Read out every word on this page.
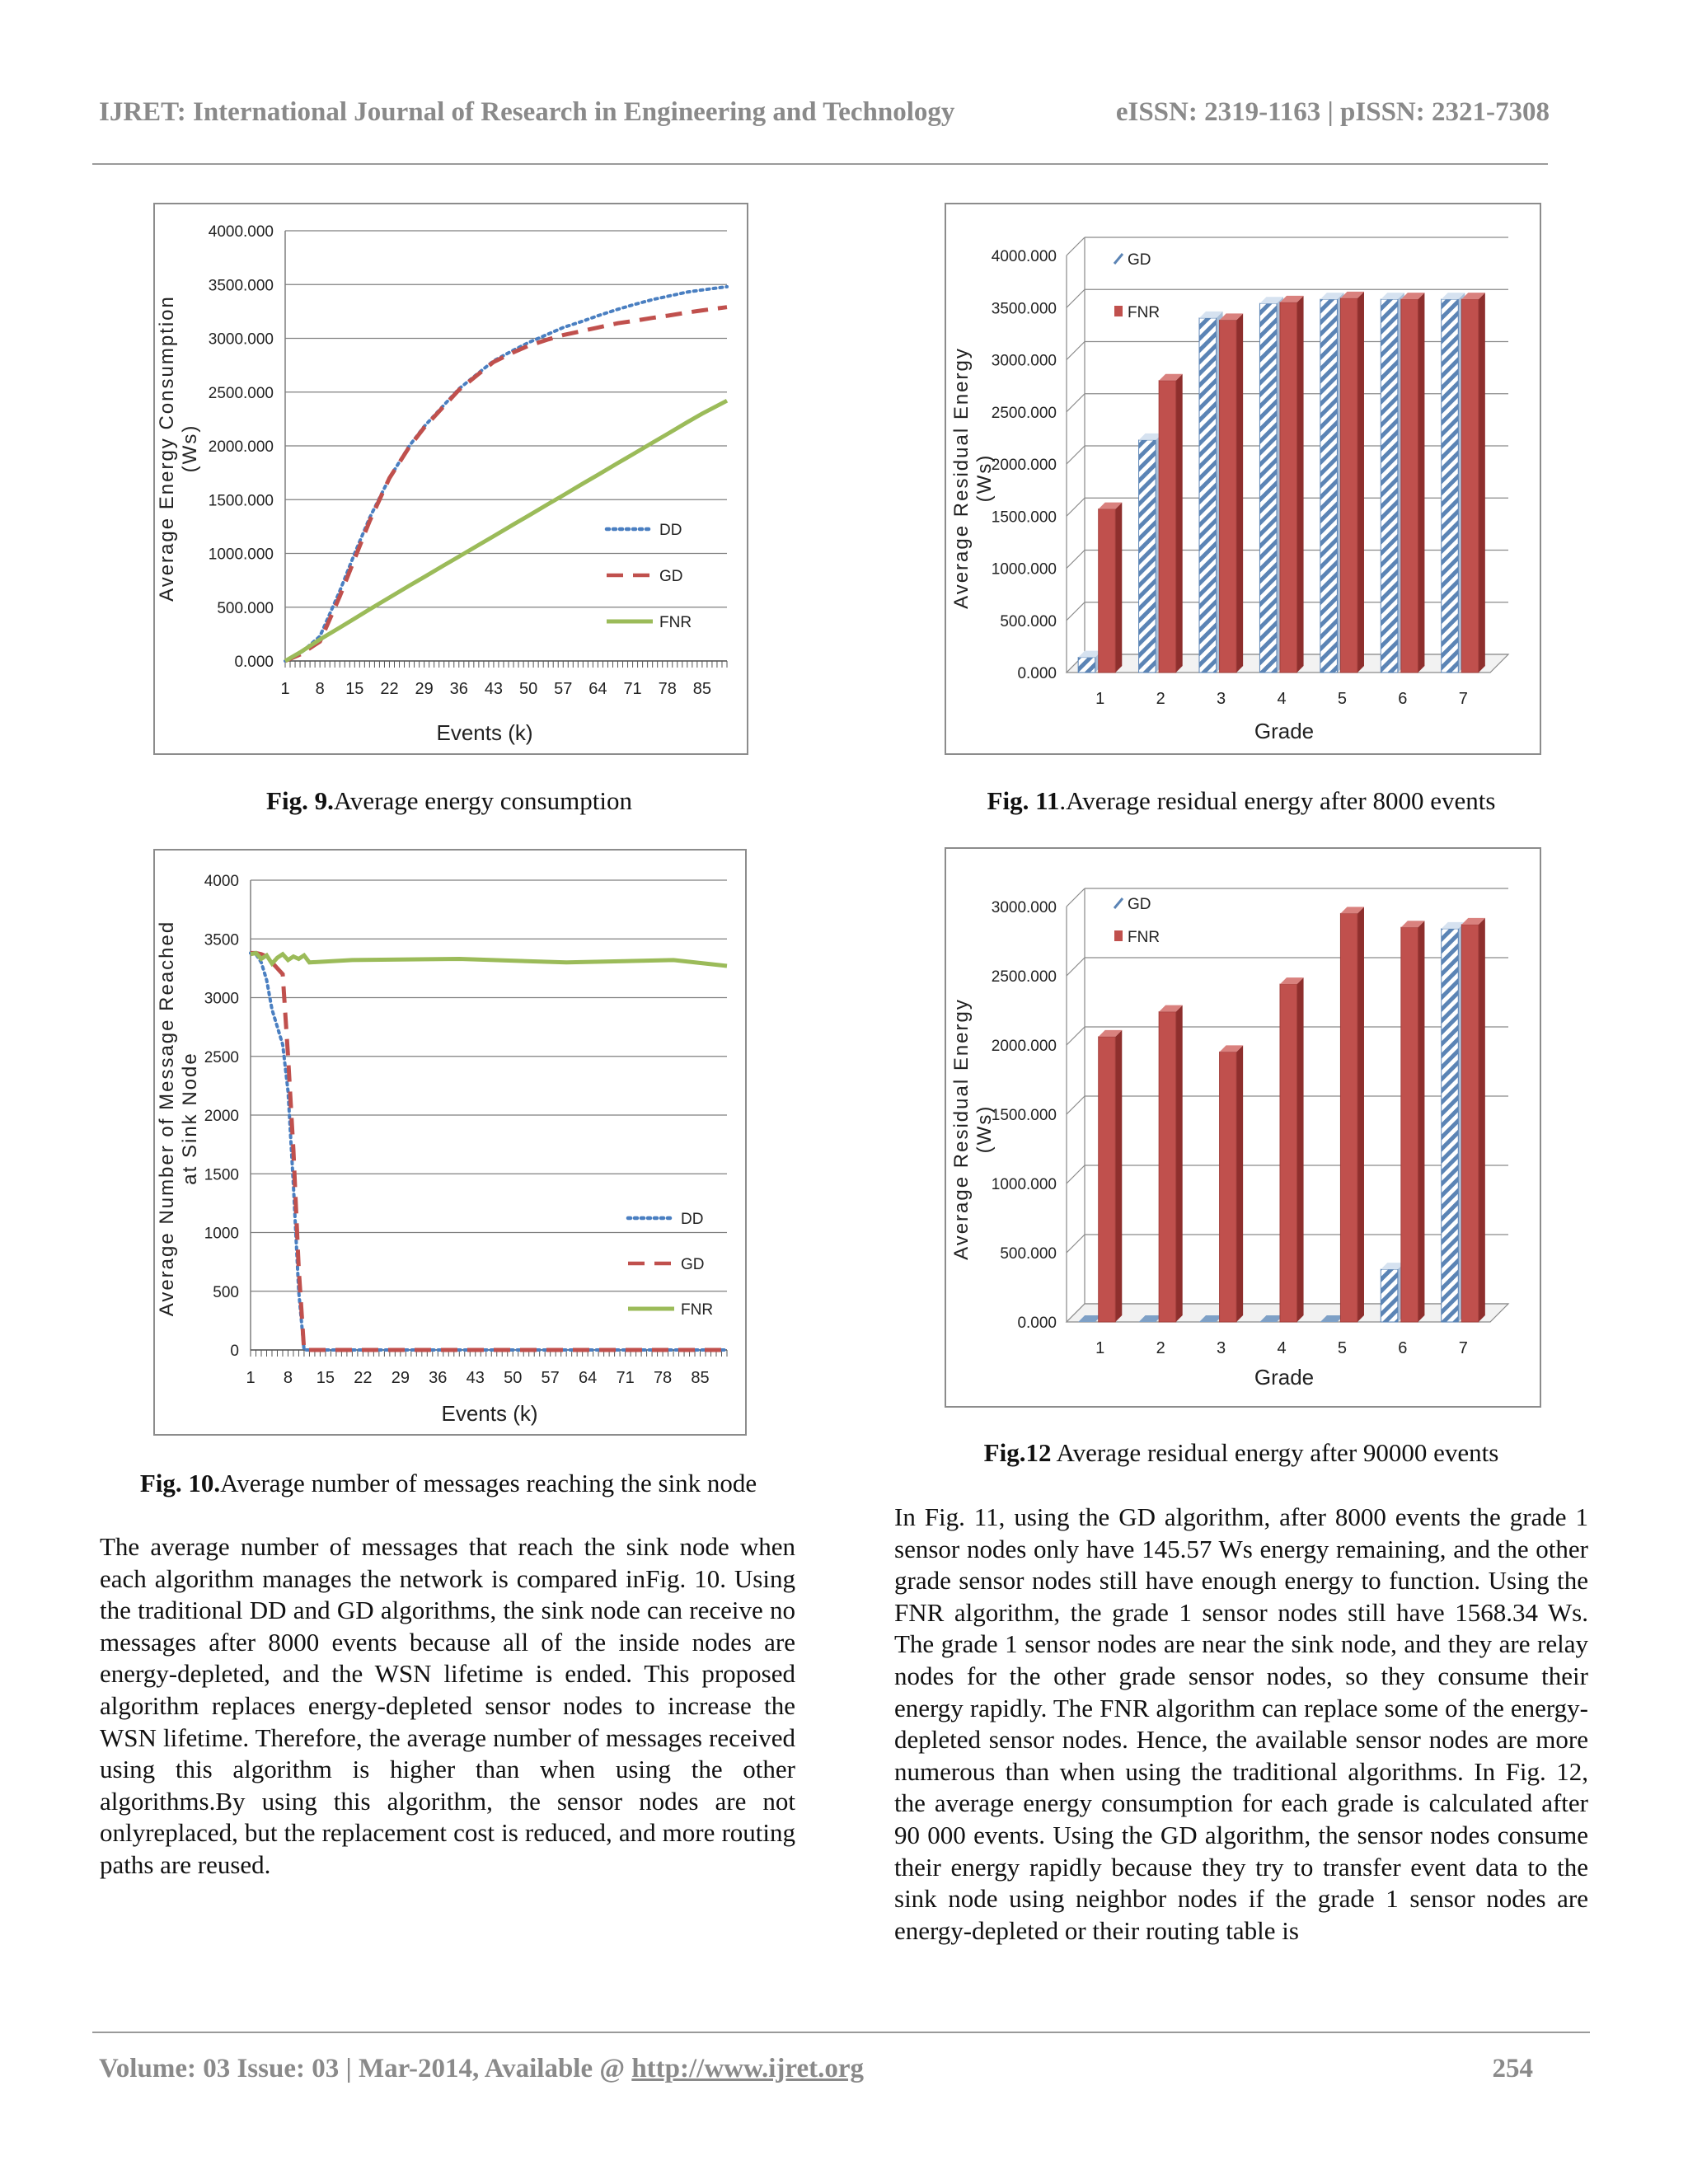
IJRET: International Journal of Research in Engineering and Technology	eISSN: 2319-1163 | pISSN: 2321-7308
0.000
500.000
1000.000
1500.000
2000.000
2500.000
3000.000
3500.000
4000.000
1 8 15 22 29 36 43 50 57 64 71 78 85
DD
GD
FNR
Average Energy Consumption (Ws)
Events (k)
Fig. 9.Average energy consumption
0
500
1000
1500
2000
2500
3000
3500
4000
1 8 15 22 29 36 43 50 57 64 71 78 85
DD
GD
FNR
Average Number of Message Reached at Sink Node
Events (k)
Fig. 10.Average number of messages reaching the sink node
0.000
500.000
1000.000
1500.000
2000.000
2500.000
3000.000
3500.000
4000.000
1	2	3	4	5	6	7
GD
FNR
Average Residual Energy (Ws)
Grade
Fig. 11.Average residual energy after 8000 events
0.000
500.000
1000.000
1500.000
2000.000
2500.000
3000.000
1	2	3	4	5	6	7
GD
FNR
Average Residual Energy (Ws)
Grade
Fig.12 Average residual energy after 90000 events
The average number of messages that reach the sink node when each algorithm manages the network is compared inFig. 10. Using the traditional DD and GD algorithms, the sink node can receive no messages after 8000 events because all of the inside nodes are energy-depleted, and the WSN lifetime is ended. This proposed algorithm replaces energy-depleted sensor nodes to increase the WSN lifetime. Therefore, the average number of messages received using this algorithm is higher than when using the other algorithms.By using this algorithm, the sensor nodes are not onlyreplaced, but the replacement cost is reduced, and more routing paths are reused.
In Fig. 11, using the GD algorithm, after 8000 events the grade 1 sensor nodes only have 145.57 Ws energy remaining, and the other grade sensor nodes still have enough energy to function. Using the FNR algorithm, the grade 1 sensor nodes still have 1568.34 Ws. The grade 1 sensor nodes are near the sink node, and they are relay nodes for the other grade sensor nodes, so they consume their energy rapidly. The FNR algorithm can replace some of the energy-depleted sensor nodes. Hence, the available sensor nodes are more numerous than when using the traditional algorithms. In Fig. 12, the average energy consumption for each grade is calculated after 90 000 events. Using the GD algorithm, the sensor nodes consume their energy rapidly because they try to transfer event data to the sink node using neighbor nodes if the grade 1 sensor nodes are energy-depleted or their routing table is
Volume: 03 Issue: 03 | Mar-2014, Available @ http://www.ijret.org	254
